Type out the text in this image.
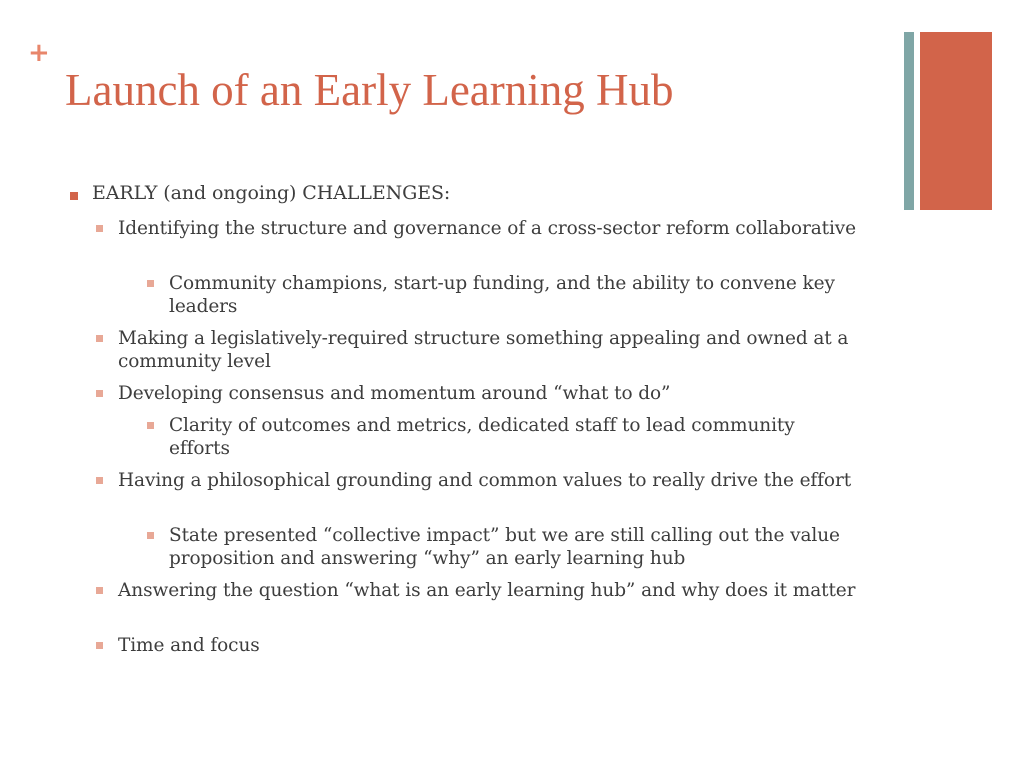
+
Launch of an Early Learning Hub
EARLY (and ongoing) CHALLENGES:
Identifying the structure and governance of a cross-sector reform collaborative
Community champions, start-up funding, and the ability to convene key leaders
Making a legislatively-required structure something appealing and owned at a community level
Developing consensus and momentum around “what to do”
Clarity of outcomes and metrics, dedicated staff to lead community efforts
Having a philosophical grounding and common values to really drive the effort
State presented “collective impact” but we are still calling out the value proposition and answering “why” an early learning hub
Answering the question “what is an early learning hub” and why does it matter
Time and focus
